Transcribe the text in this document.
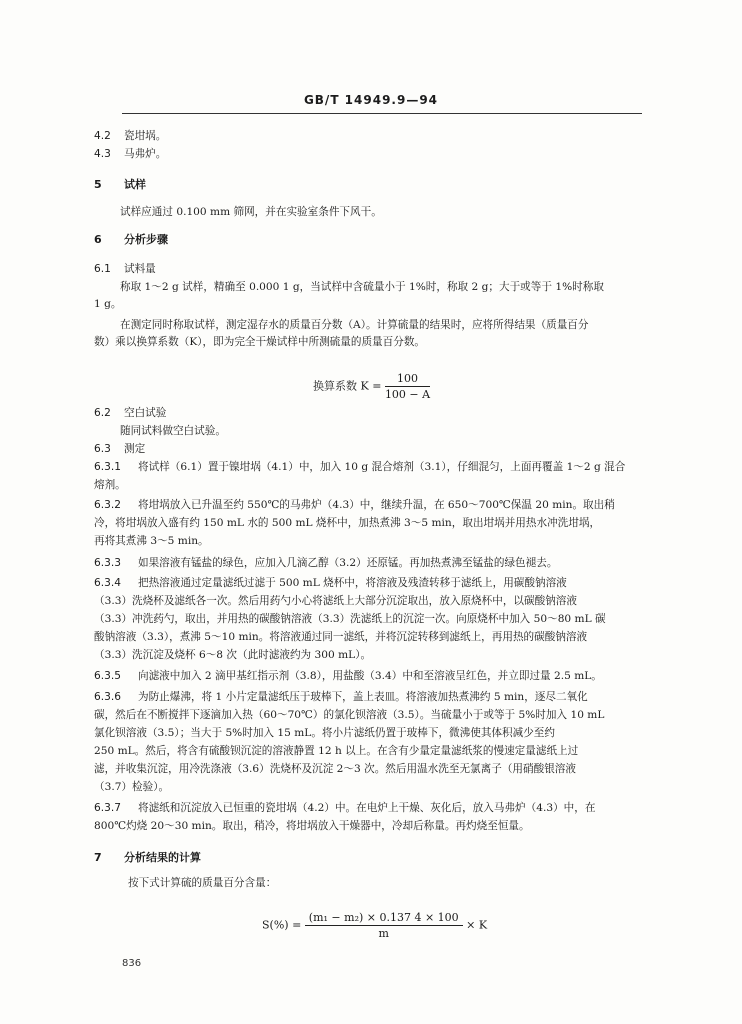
GB/T 14949.9—94
4.2 瓷坩埚。
4.3 马弗炉。
5 试样
试样应通过 0.100 mm 筛网，并在实验室条件下风干。
6 分析步骤
6.1 试料量
称取 1～2 g 试样，精确至 0.000 1 g，当试样中含硫量小于 1%时，称取 2 g；大于或等于 1%时称取
1 g。
在测定同时称取试样，测定湿存水的质量百分数（A）。计算硫量的结果时，应将所得结果（质量百分
数）乘以换算系数（K），即为完全干燥试样中所测硫量的质量百分数。
换算系数 $K = \frac{100}{100 - A}$
6.2 空白试验
随同试料做空白试验。
6.3 测定
6.3.1 将试样（6.1）置于镍坩埚（4.1）中，加入 10 g 混合熔剂（3.1），仔细混匀，上面再覆盖 1～2 g 混合
熔剂。
6.3.2 将坩埚放入已升温至约 550℃的马弗炉（4.3）中，继续升温，在 650～700℃保温 20 min。取出稍
冷，将坩埚放入盛有约 150 mL 水的 500 mL 烧杯中，加热煮沸 3～5 min，取出坩埚并用热水冲洗坩埚，
再将其煮沸 3～5 min。
6.3.3 如果溶液有锰盐的绿色，应加入几滴乙醇（3.2）还原锰。再加热煮沸至锰盐的绿色褪去。
6.3.4 把热溶液通过定量滤纸过滤于 500 mL 烧杯中，将溶液及残渣转移于滤纸上，用碳酸钠溶液
（3.3）洗烧杯及滤纸各一次。然后用药勺小心将滤纸上大部分沉淀取出，放入原烧杯中，以碳酸钠溶液
（3.3）冲洗药勺，取出，并用热的碳酸钠溶液（3.3）洗滤纸上的沉淀一次。向原烧杯中加入 50～80 mL 碳
酸钠溶液（3.3），煮沸 5～10 min。将溶液通过同一滤纸，并将沉淀转移到滤纸上，再用热的碳酸钠溶液
（3.3）洗沉淀及烧杯 6～8 次（此时滤液约为 300 mL）。
6.3.5 向滤液中加入 2 滴甲基红指示剂（3.8），用盐酸（3.4）中和至溶液呈红色，并立即过量 2.5 mL。
6.3.6 为防止爆沸，将 1 小片定量滤纸压于玻棒下，盖上表皿。将溶液加热煮沸约 5 min，逐尽二氧化
碳，然后在不断搅拌下逐滴加入热（60～70℃）的氯化钡溶液（3.5）。当硫量小于或等于 5%时加入 10 mL
氯化钡溶液（3.5）；当大于 5%时加入 15 mL。将小片滤纸仍置于玻棒下，微沸使其体积减少至约
250 mL。然后，将含有硫酸钡沉淀的溶液静置 12 h 以上。在含有少量定量滤纸浆的慢速定量滤纸上过
滤，并收集沉淀，用冷洗涤液（3.6）洗烧杯及沉淀 2～3 次。然后用温水洗至无氯离子（用硝酸银溶液
（3.7）检验）。
6.3.7 将滤纸和沉淀放入已恒重的瓷坩埚（4.2）中。在电炉上干燥、灰化后，放入马弗炉（4.3）中，在
800℃灼烧 20～30 min。取出，稍冷，将坩埚放入干燥器中，冷却后称量。再灼烧至恒量。
7 分析结果的计算
按下式计算硫的质量百分含量：
$S(\%) = \frac{\text{(m₁ − m₂) × 0.137 4 × 100}}{m} \times K$
836
